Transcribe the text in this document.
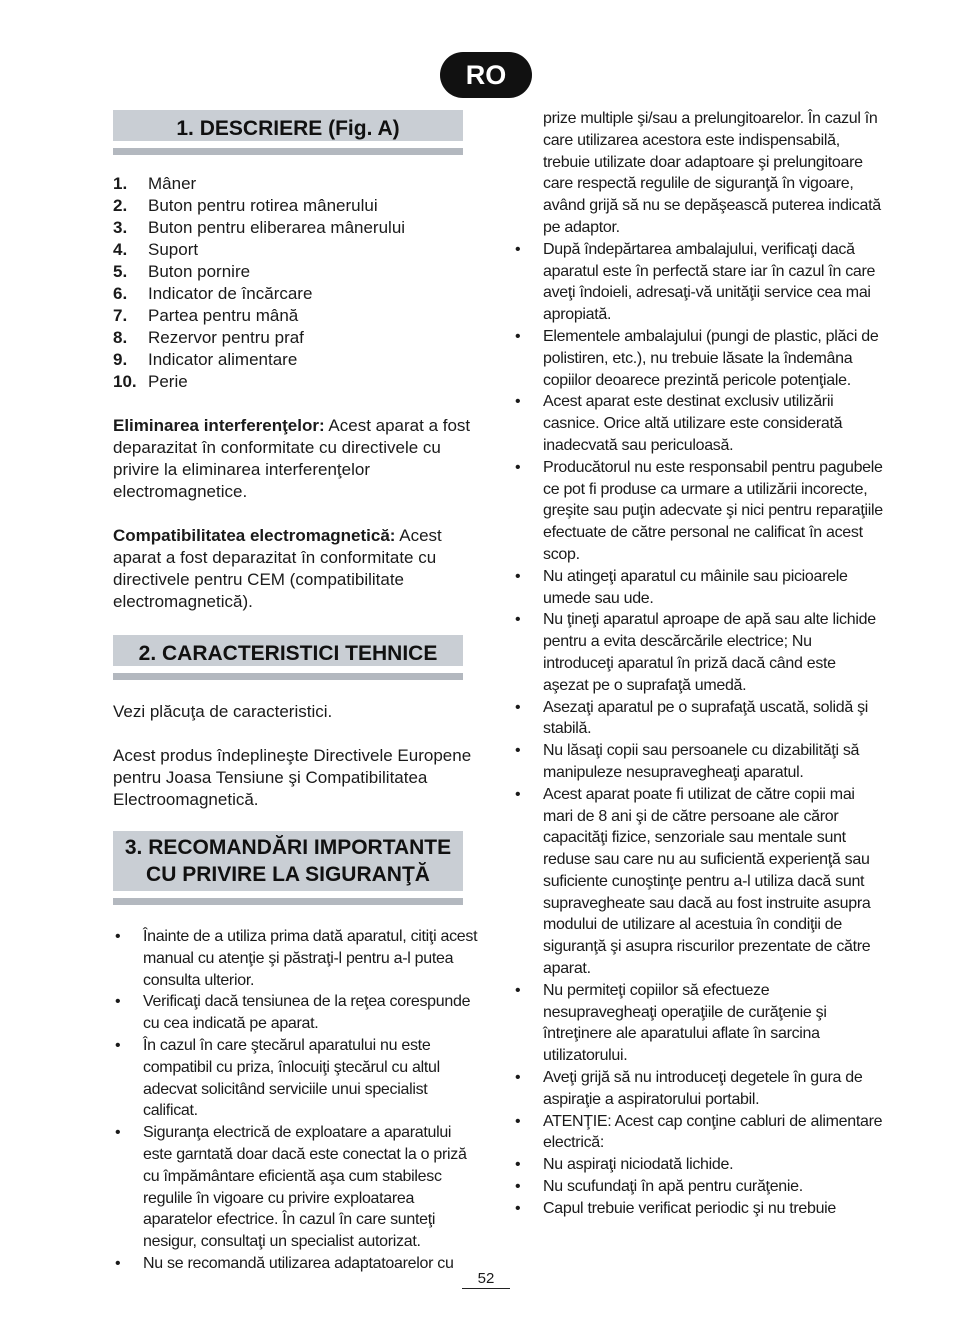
RO
1. DESCRIERE (Fig. A)
1.	Mâner
2.	Buton pentru rotirea mânerului
3.	Buton pentru eliberarea mânerului
4.	Suport
5.	Buton pornire
6.	Indicator de încărcare
7.	Partea pentru mână
8.	Rezervor pentru praf
9.	Indicator alimentare
10. Perie

Eliminarea interferenţelor: Acest aparat a fost deparazitat în conformitate cu directivele cu privire la eliminarea interferenţelor electromagnetice.

Compatibilitatea electromagnetică: Acest aparat a fost deparazitat în conformitate cu directivele pentru CEM (compatibilitate electromagnetică).

2. CARACTERISTICI TEHNICE

Vezi plăcuţa de caracteristici.

Acest produs îndeplineşte Directivele Europene pentru Joasa Tensiune şi Compatibilitatea Electroomagnetică.

3. RECOMANDĂRI IMPORTANTE
CU PRIVIRE LA SIGURANŢĂ
• Înainte de a utiliza prima dată aparatul, citiţi acest manual cu atenţie şi păstraţi-l pentru a-l putea consulta ulterior.
• Verificaţi dacă tensiunea de la reţea corespunde cu cea indicată pe aparat.
• În cazul în care ştecărul aparatului nu este compatibil cu priza, înlocuiţi ştecărul cu altul adecvat solicitând serviciile unui specialist calificat.
• Siguranţa electrică de exploatare a aparatului este garntată doar dacă este conectat la o priză cu împământare eficientă aşa cum stabilesc regulile în vigoare cu privire exploatarea aparatelor efectrice. În cazul în care sunteţi nesigur, consultaţi un specialist autorizat.
• Nu se recomandă utilizarea adaptatoarelor cu
prize multiple şi/sau a prelungitoarelor. În cazul în care utilizarea acestora este indispensabilă, trebuie utilizate doar adaptoare şi prelungitoare care respectă regulile de siguranţă în vigoare, având grijă să nu se depăşească puterea indicată pe adaptor.
• După îndepărtarea ambalajului, verificaţi dacă aparatul este în perfectă stare iar în cazul în care aveţi îndoieli, adresaţi-vă unităţii service cea mai apropiată.
• Elementele ambalajului (pungi de plastic, plăci de polistiren, etc.), nu trebuie lăsate la îndemâna copiilor deoarece prezintă pericole potenţiale.
• Acest aparat este destinat exclusiv utilizării casnice. Orice altă utilizare este considerată inadecvată sau periculoasă.
• Producătorul nu este responsabil pentru pagubele ce pot fi produse ca urmare a utilizării incorecte, greşite sau puţin adecvate şi nici pentru reparaţiile efectuate de către personal ne calificat în acest scop.
• Nu atingeţi aparatul cu mâinile sau picioarele umede sau ude.
• Nu ţineţi aparatul aproape de apă sau alte lichide pentru a evita descărcările electrice; Nu introduceţi aparatul în priză dacă când este aşezat pe o suprafaţă umedă.
• Asezaţi aparatul pe o suprafaţă uscată, solidă şi stabilă.
• Nu lăsaţi copii sau persoanele cu dizabilităţi să manipuleze nesupravegheaţi aparatul.
• Acest aparat poate fi utilizat de către copii mai mari de 8 ani şi de către persoane ale căror capacităţi fizice, senzoriale sau mentale sunt reduse sau care nu au suficientă experienţă sau suficiente cunoştinţe pentru a-l utiliza dacă sunt supravegheate sau dacă au fost instruite asupra modului de utilizare al acestuia în condiţii de siguranţă şi asupra riscurilor prezentate de către aparat.
• Nu permiteţi copiilor să efectueze nesupravegheaţi operaţiile de curăţenie şi întreţinere ale aparatului aflate în sarcina utilizatorului.
• Aveţi grijă să nu introduceţi degetele în gura de aspiraţie a aspiratorului portabil.
• ATENŢIE: Acest cap conţine cabluri de alimentare electrică:
• Nu aspiraţi niciodată lichide.
• Nu scufundaţi în apă pentru curăţenie.
• Capul trebuie verificat periodic şi nu trebuie
52
